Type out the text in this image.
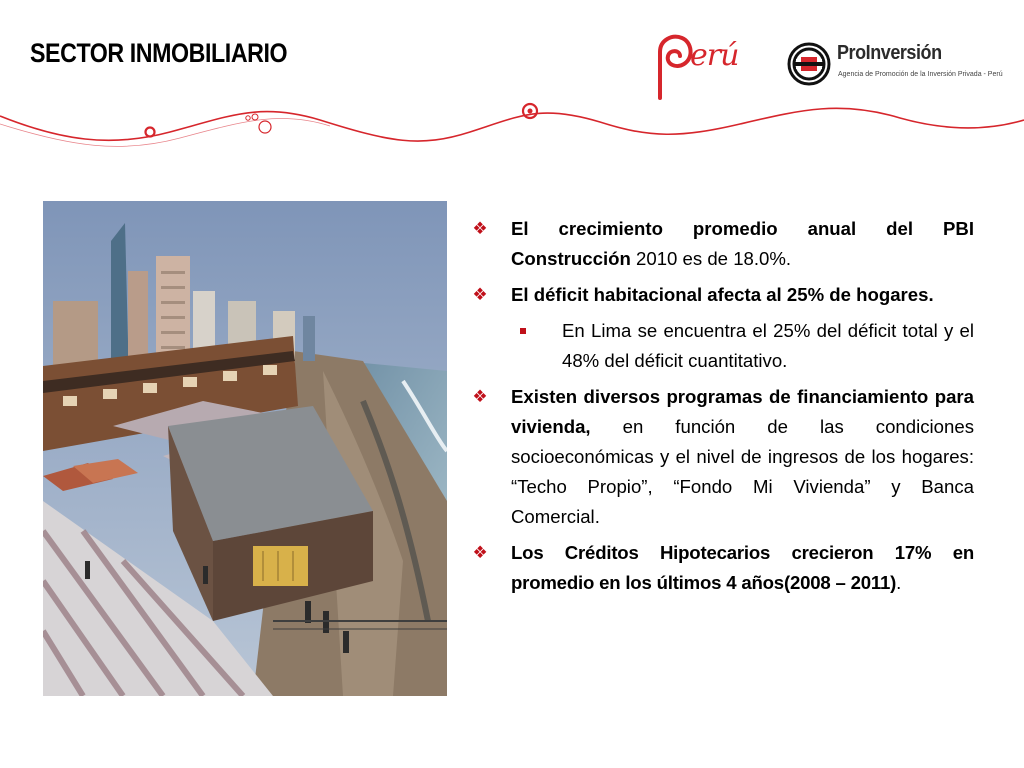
SECTOR INMOBILIARIO	erú	ProInversión
Agencia de Promoción de la Inversión Privada - Perú
❖ El crecimiento promedio anual del PBI Construcción 2010 es de 18.0%.
❖ El déficit habitacional afecta al 25% de hogares.
En Lima se encuentra el 25% del déficit total y el 48% del déficit cuantitativo.
❖ Existen diversos programas de financiamiento para vivienda, en función de las condiciones socioeconómicas y el nivel de ingresos de los hogares: “Techo Propio”, “Fondo Mi Vivienda” y Banca Comercial.
❖ Los Créditos Hipotecarios crecieron 17% en promedio en los últimos 4 años(2008 – 2011).
